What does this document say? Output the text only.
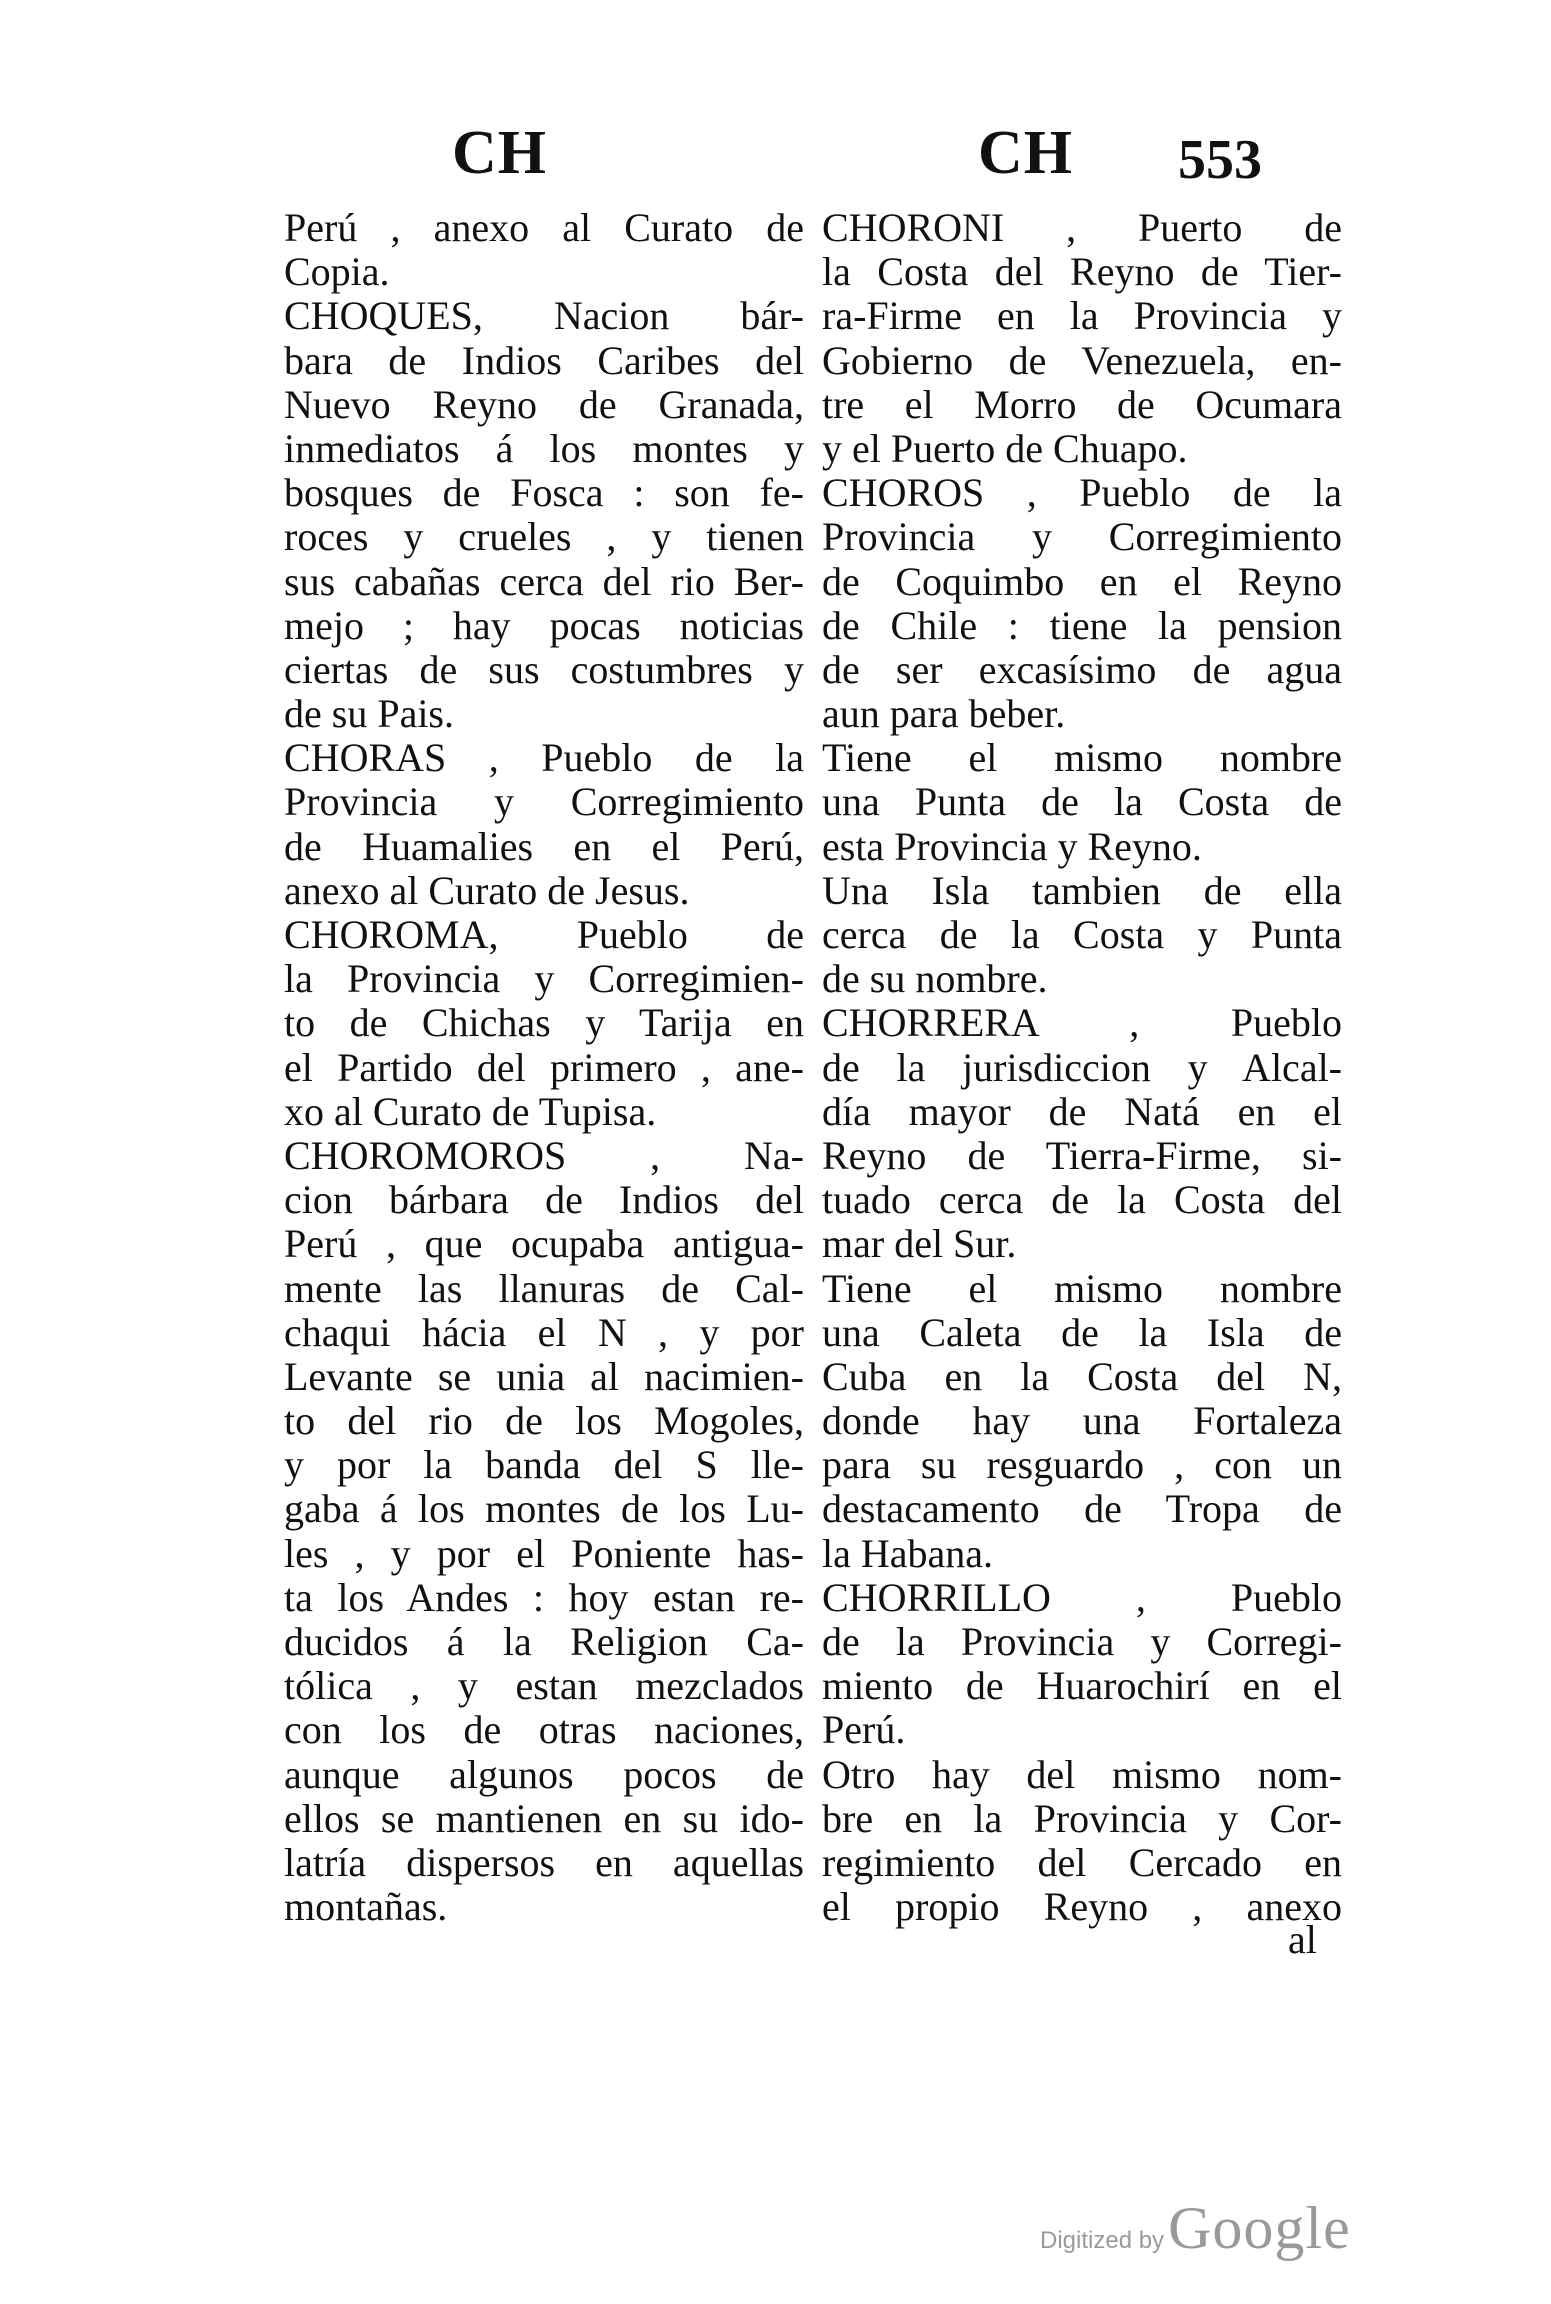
CH	CH 553
Perú , anexo al Curato de
Copia.
CHOQUES, Nacion bár-
bara de Indios Caribes del
Nuevo Reyno de Granada,
inmediatos á los montes y
bosques de Fosca : son fe-
roces y crueles , y tienen
sus cabañas cerca del rio Ber-
mejo ; hay pocas noticias
ciertas de sus costumbres y
de su Pais.
CHORAS , Pueblo de la
Provincia y Corregimiento
de Huamalies en el Perú,
anexo al Curato de Jesus.
CHOROMA, Pueblo de
la Provincia y Corregimien-
to de Chichas y Tarija en
el Partido del primero , ane-
xo al Curato de Tupisa.
CHOROMOROS , Na-
cion bárbara de Indios del
Perú , que ocupaba antigua-
mente las llanuras de Cal-
chaqui hácia el N , y por
Levante se unia al nacimien-
to del rio de los Mogoles,
y por la banda del S lle-
gaba á los montes de los Lu-
les , y por el Poniente has-
ta los Andes : hoy estan re-
ducidos á la Religion Ca-
tólica , y estan mezclados
con los de otras naciones,
aunque algunos pocos de
ellos se mantienen en su ido-
latría dispersos en aquellas
montañas.
CHORONI , Puerto de
la Costa del Reyno de Tier-
ra-Firme en la Provincia y
Gobierno de Venezuela, en-
tre el Morro de Ocumara
y el Puerto de Chuapo.
CHOROS , Pueblo de la
Provincia y Corregimiento
de Coquimbo en el Reyno
de Chile : tiene la pension
de ser excasísimo de agua
aun para beber.
Tiene el mismo nombre
una Punta de la Costa de
esta Provincia y Reyno.
Una Isla tambien de ella
cerca de la Costa y Punta
de su nombre.
CHORRERA , Pueblo
de la jurisdiccion y Alcal-
día mayor de Natá en el
Reyno de Tierra-Firme, si-
tuado cerca de la Costa del
mar del Sur.
Tiene el mismo nombre
una Caleta de la Isla de
Cuba en la Costa del N,
donde hay una Fortaleza
para su resguardo , con un
destacamento de Tropa de
la Habana.
CHORRILLO , Pueblo
de la Provincia y Corregi-
miento de Huarochirí en el
Perú.
Otro hay del mismo nom-
bre en la Provincia y Cor-
regimiento del Cercado en
el propio Reyno , anexo
al
Digitized by Google
